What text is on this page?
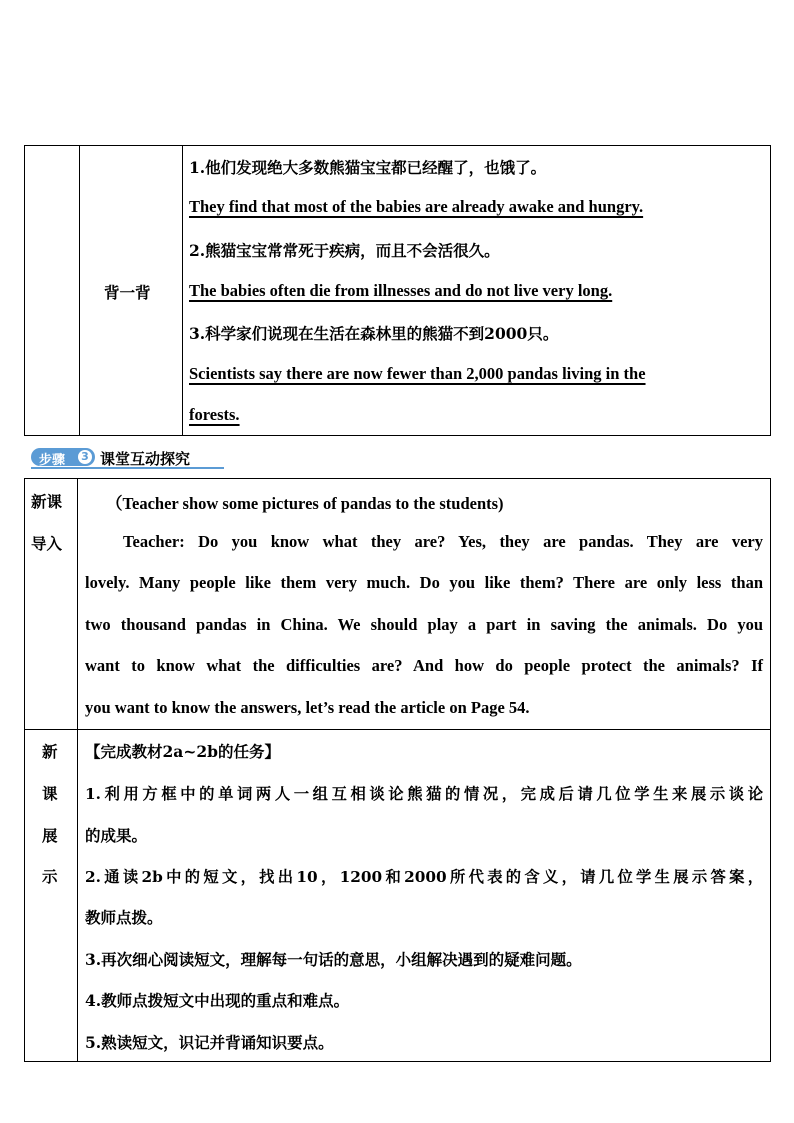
背一背
1.他们发现绝大多数熊猫宝宝都已经醒了，也饿了。
They find that most of the babies are already awake and hungry.
2.熊猫宝宝常常死于疾病，而且不会活很久。
The babies often die from illnesses and do not live very long.
3.科学家们说现在生活在森林里的熊猫不到2000只。
Scientists say there are now fewer than 2,000 pandas living in the
forests.
步骤 3 课堂互动探究
新课
导入
（Teacher show some pictures of pandas to the students)
Teacher: Do you know what they are? Yes, they are pandas. They are very
lovely. Many people like them very much. Do you like them? There are only less than
two thousand pandas in China. We should play a part in saving the animals. Do you
want to know what the difficulties are? And how do people protect the animals? If
you want to know the answers, let’s read the article on Page 54.
新
课
展
示
【完成教材2a~2b的任务】
1.利用方框中的单词两人一组互相谈论熊猫的情况，完成后请几位学生来展示谈论
的成果。
2.通读2b中的短文，找出10，1200和2000所代表的含义，请几位学生展示答案，
教师点拨。
3.再次细心阅读短文，理解每一句话的意思，小组解决遇到的疑难问题。
4.教师点拨短文中出现的重点和难点。
5.熟读短文，识记并背诵知识要点。
